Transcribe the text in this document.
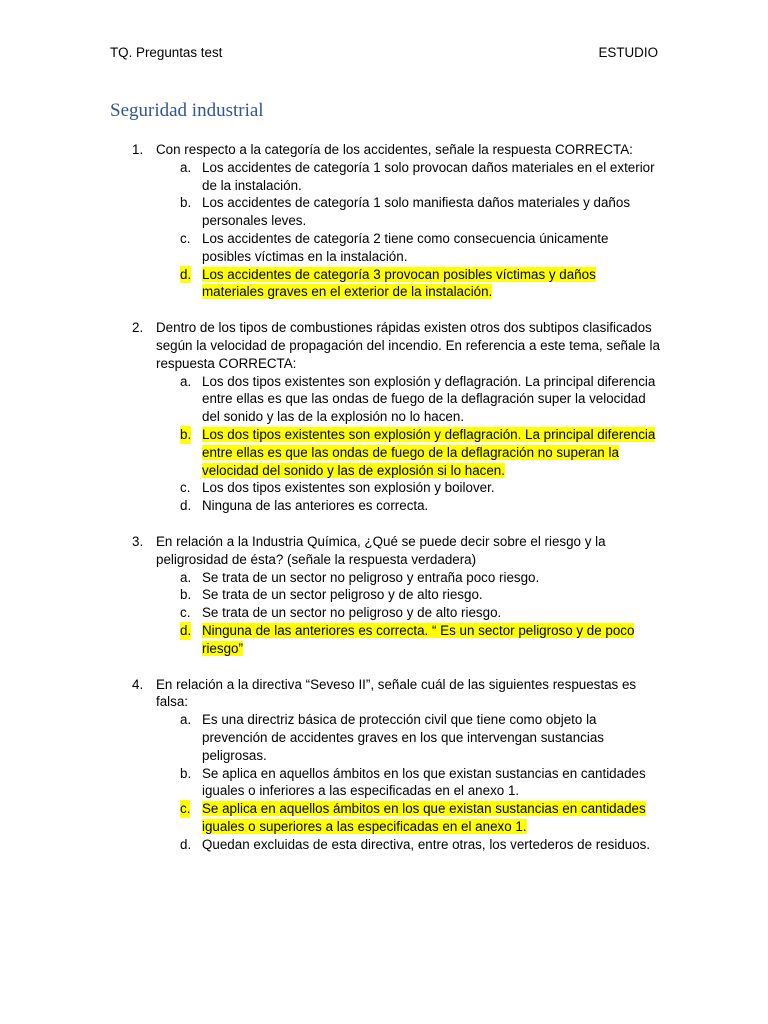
TQ. Preguntas test	ESTUDIO
Seguridad industrial
1. Con respecto a la categoría de los accidentes, señale la respuesta CORRECTA:
a. Los accidentes de categoría 1 solo provocan daños materiales en el exterior de la instalación.
b. Los accidentes de categoría 1 solo manifiesta daños materiales y daños personales leves.
c. Los accidentes de categoría 2 tiene como consecuencia únicamente posibles víctimas en la instalación.
d. Los accidentes de categoría 3 provocan posibles víctimas y daños materiales graves en el exterior de la instalación.
2. Dentro de los tipos de combustiones rápidas existen otros dos subtipos clasificados según la velocidad de propagación del incendio. En referencia a este tema, señale la respuesta CORRECTA:
a. Los dos tipos existentes son explosión y deflagración. La principal diferencia entre ellas es que las ondas de fuego de la deflagración super la velocidad del sonido y las de la explosión no lo hacen.
b. Los dos tipos existentes son explosión y deflagración. La principal diferencia entre ellas es que las ondas de fuego de la deflagración no superan la velocidad del sonido y las de explosión si lo hacen.
c. Los dos tipos existentes son explosión y boilover.
d. Ninguna de las anteriores es correcta.
3. En relación a la Industria Química, ¿Qué se puede decir sobre el riesgo y la peligrosidad de ésta? (señale la respuesta verdadera)
a. Se trata de un sector no peligroso y entraña poco riesgo.
b. Se trata de un sector peligroso y de alto riesgo.
c. Se trata de un sector no peligroso y de alto riesgo.
d. Ninguna de las anteriores es correcta. “ Es un sector peligroso y de poco riesgo”
4. En relación a la directiva “Seveso II”, señale cuál de las siguientes respuestas es falsa:
a. Es una directriz básica de protección civil que tiene como objeto la prevención de accidentes graves en los que intervengan sustancias peligrosas.
b. Se aplica en aquellos ámbitos en los que existan sustancias en cantidades iguales o inferiores a las especificadas en el anexo 1.
c. Se aplica en aquellos ámbitos en los que existan sustancias en cantidades iguales o superiores a las especificadas en el anexo 1.
d. Quedan excluidas de esta directiva, entre otras, los vertederos de residuos.
